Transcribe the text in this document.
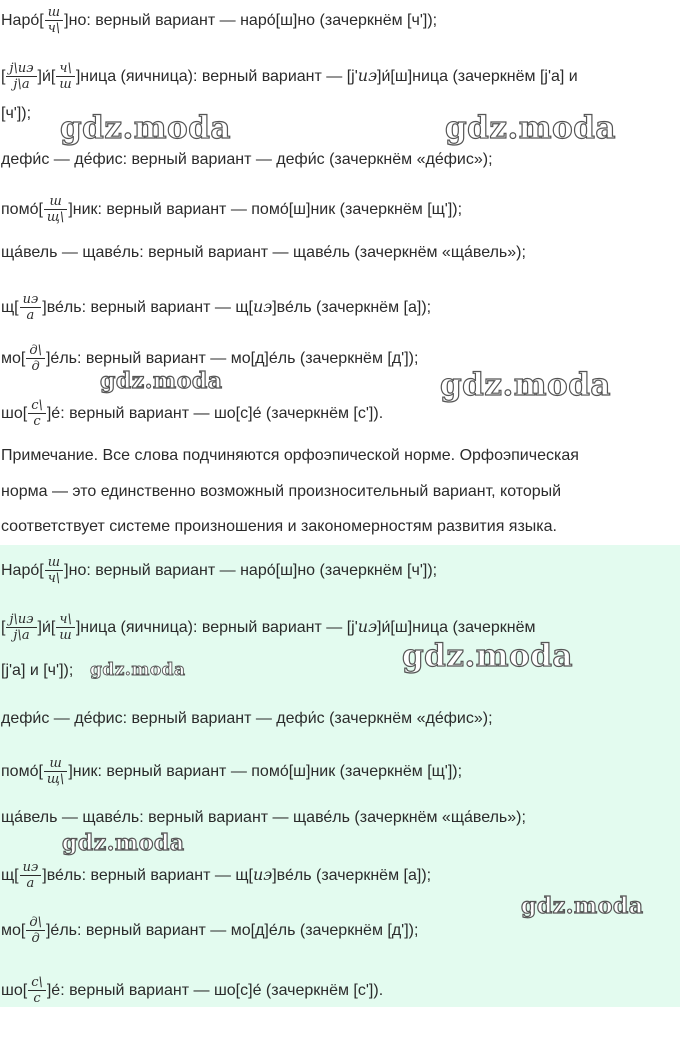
Наро́[ $\frac{ш}{ч\backslash} ]но$: верный вариант — наро́[ш]но (зачеркнём [ч']);
[ $\frac{j\backslash иэ}{j\backslash а}$ ]и́[ $\frac{ч\backslash}{ш}$ ]ница (яичница): верный вариант — [j'иэ]и́[ш]ница (зачеркнём [j'а] и
[ч']);
дефи́с — де́фис: верный вариант — дефи́с (зачеркнём «де́фис»);
помо́[ $\frac{ш}{щ\backslash} ]ник$: верный вариант — помо́[ш]ник (зачеркнём [щ']);
ща́вель — щаве́ль: верный вариант — щаве́ль (зачеркнём «ща́вель»);
$щ[ \frac{иэ}{а}$ ]ве́ль: верный вариант — щ[иэ]ве́ль (зачеркнём [а]);
$мо[ \frac{д\backslash}{д}$ ]е́ль: верный вариант — мо[д]е́ль (зачеркнём [д']);
$шо[ \frac{с\backslash}{с}$ ]е́: верный вариант — шо[с]е́ (зачеркнём [с']).
Примечание. Все слова подчиняются орфоэпической норме. Орфоэпическая
норма — это единственно возможный произносительный вариант, который
соответствует системе произношения и закономерностям развития языка.
Наро́[ $\frac{ш}{ч\backslash} ]но$: верный вариант — наро́[ш]но (зачеркнём [ч']);
[ $\frac{j\backslash иэ}{j\backslash а}$ ]и́[ $\frac{ч\backslash}{ш}$ ]ница (яичница): верный вариант — [j'иэ]и́[ш]ница (зачеркнём
[j'а] и [ч']);
дефи́с — де́фис: верный вариант — дефи́с (зачеркнём «де́фис»);
помо́[ $\frac{ш}{щ\backslash} ]ник$: верный вариант — помо́[ш]ник (зачеркнём [щ']);
ща́вель — щаве́ль: верный вариант — щаве́ль (зачеркнём «ща́вель»);
$щ[ \frac{иэ}{а}$ ]ве́ль: верный вариант — щ[иэ]ве́ль (зачеркнём [а]);
$мо[ \frac{д\backslash}{д}$ ]е́ль: верный вариант — мо[д]е́ль (зачеркнём [д']);
$шо[ \frac{с\backslash}{с}$ ]е́: верный вариант — шо[с]е́ (зачеркнём [с']).
gdz.moda	gdz.moda
gdz.moda	gdz.moda
gdz.moda	gdz.moda
gdz.moda
gdz.moda
